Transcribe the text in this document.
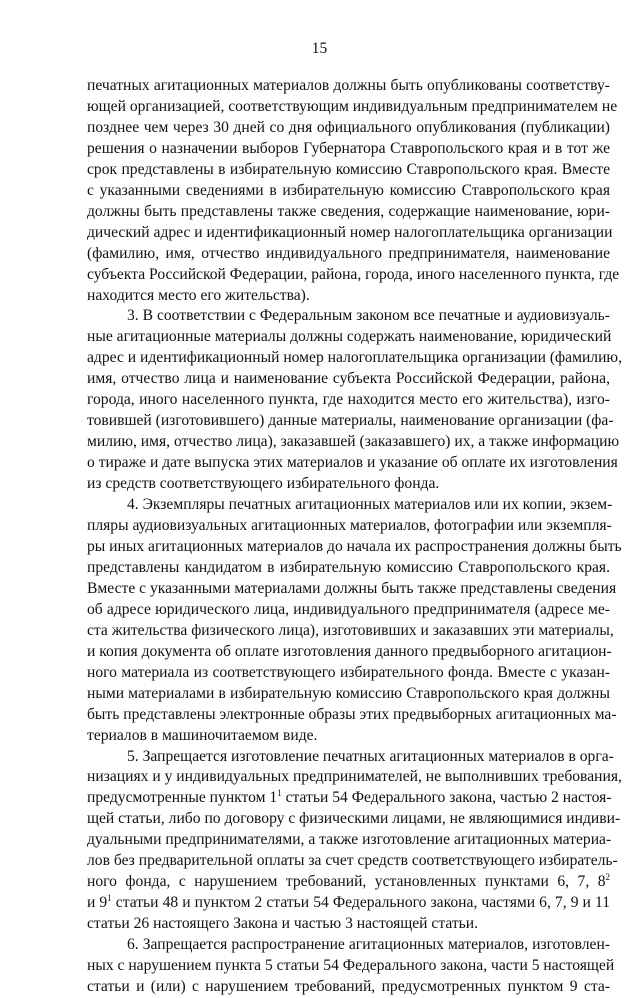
15

печатных агитационных материалов должны быть опубликованы соответству-
ющей организацией, соответствующим индивидуальным предпринимателем не
позднее чем через 30 дней со дня официального опубликования (публикации)
решения о назначении выборов Губернатора Ставропольского края и в тот же
срок представлены в избирательную комиссию Ставропольского края. Вместе
с указанными сведениями в избирательную комиссию Ставропольского края
должны быть представлены также сведения, содержащие наименование, юри-
дический адрес и идентификационный номер налогоплательщика организации
(фамилию, имя, отчество индивидуального предпринимателя, наименование
субъекта Российской Федерации, района, города, иного населенного пункта, где
находится место его жительства).

3. В соответствии с Федеральным законом все печатные и аудиовизуаль-
ные агитационные материалы должны содержать наименование, юридический
адрес и идентификационный номер налогоплательщика организации (фамилию,
имя, отчество лица и наименование субъекта Российской Федерации, района,
города, иного населенного пункта, где находится место его жительства), изго-
товившей (изготовившего) данные материалы, наименование организации (фа-
милию, имя, отчество лица), заказавшей (заказавшего) их, а также информацию
о тираже и дате выпуска этих материалов и указание об оплате их изготовления
из средств соответствующего избирательного фонда.

4. Экземпляры печатных агитационных материалов или их копии, экзем-
пляры аудиовизуальных агитационных материалов, фотографии или экземпля-
ры иных агитационных материалов до начала их распространения должны быть
представлены кандидатом в избирательную комиссию Ставропольского края.
Вместе с указанными материалами должны быть также представлены сведения
об адресе юридического лица, индивидуального предпринимателя (адресе ме-
ста жительства физического лица), изготовивших и заказавших эти материалы,
и копия документа об оплате изготовления данного предвыборного агитацион-
ного материала из соответствующего избирательного фонда. Вместе с указан-
ными материалами в избирательную комиссию Ставропольского края должны
быть представлены электронные образы этих предвыборных агитационных ма-
териалов в машиночитаемом виде.

5. Запрещается изготовление печатных агитационных материалов в орга-
низациях и у индивидуальных предпринимателей, не выполнивших требования,
предусмотренные пунктом $1^1$ статьи 54 Федерального закона, частью 2 настоя-
щей статьи, либо по договору с физическими лицами, не являющимися индиви-
дуальными предпринимателями, а также изготовление агитационных материа-
лов без предварительной оплаты за счет средств соответствующего избиратель-
ного фонда, с нарушением требований, установленных пунктами 6, 7, $8^2$
и $9^1$ статьи 48 и пунктом 2 статьи 54 Федерального закона, частями 6, 7, 9 и 11
статьи 26 настоящего Закона и частью 3 настоящей статьи.

6. Запрещается распространение агитационных материалов, изготовлен-
ных с нарушением пункта 5 статьи 54 Федерального закона, части 5 настоящей
статьи и (или) с нарушением требований, предусмотренных пунктом 9 ста-
